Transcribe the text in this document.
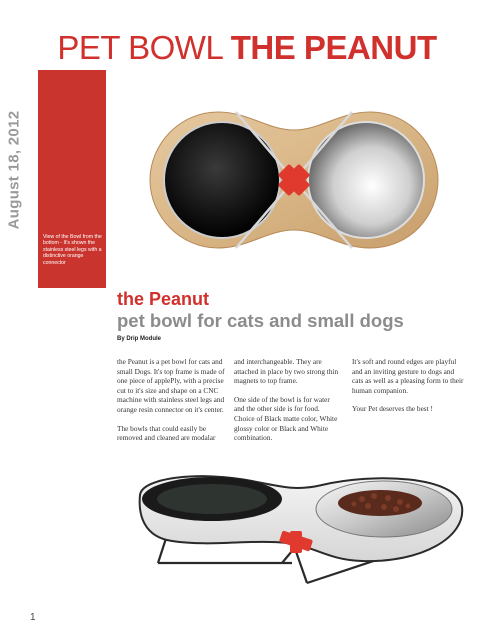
PET BOWL THE PEANUT
August 18, 2012
View of the Bowl from the bottom - It's shown the stainless steel legs with a distinctive orange connector
the Peanut
pet bowl for cats and small dogs
By Drip Module

the Peanut is a pet bowl for cats and small Dogs. It's top frame is made of one piece of applePly, with a precise cut to it's size and shape on a CNC machine with stainless steel legs and orange resin connector on it's center.

The bowls that could easily be removed and cleaned are modalar

and interchangeable. They are attached in place by two strong thin magnets to top frame.

One side of the bowl is for water and the other side is for food. Choice of Black matte color, White glossy color or Black and White combination.

It's soft and round edges are playful and an inviting gesture to dogs and cats as well as a pleasing form to their human companion.

Your Pet deserves the best !

1
